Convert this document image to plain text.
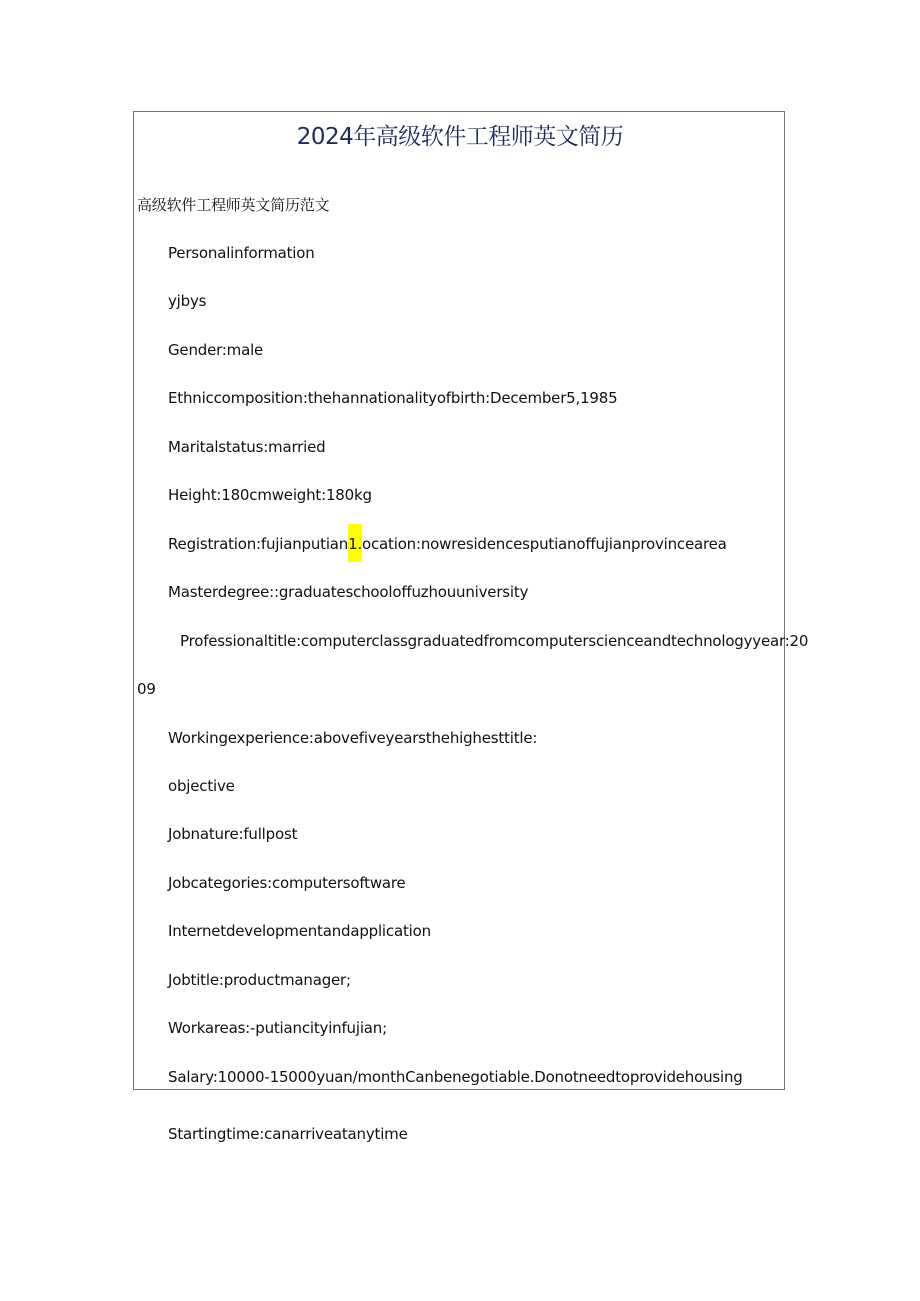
2024年高级软件工程师英文简历
高级软件工程师英文简历范文
Personalinformation
yjbys
Gender:male
Ethniccomposition:thehannationalityofbirth:December5,1985
Maritalstatus:married
Height:180cmweight:180kg
Registration:fujianputian1.ocation:nowresidencesputianoffujianprovincearea
Masterdegree::graduateschooloffuzhouuniversity
Professionaltitle:computerclassgraduatedfromcomputerscienceandtechnologyyear:20
09
Workingexperience:abovefiveyearsthehighesttitle:
objective
Jobnature:fullpost
Jobcategories:computersoftware
Internetdevelopmentandapplication
Jobtitle:productmanager;
Workareas:-putiancityinfujian;
Salary:10000-15000yuan/monthCanbenegotiable.Donotneedtoprovidehousing
Startingtime:canarriveatanytime
